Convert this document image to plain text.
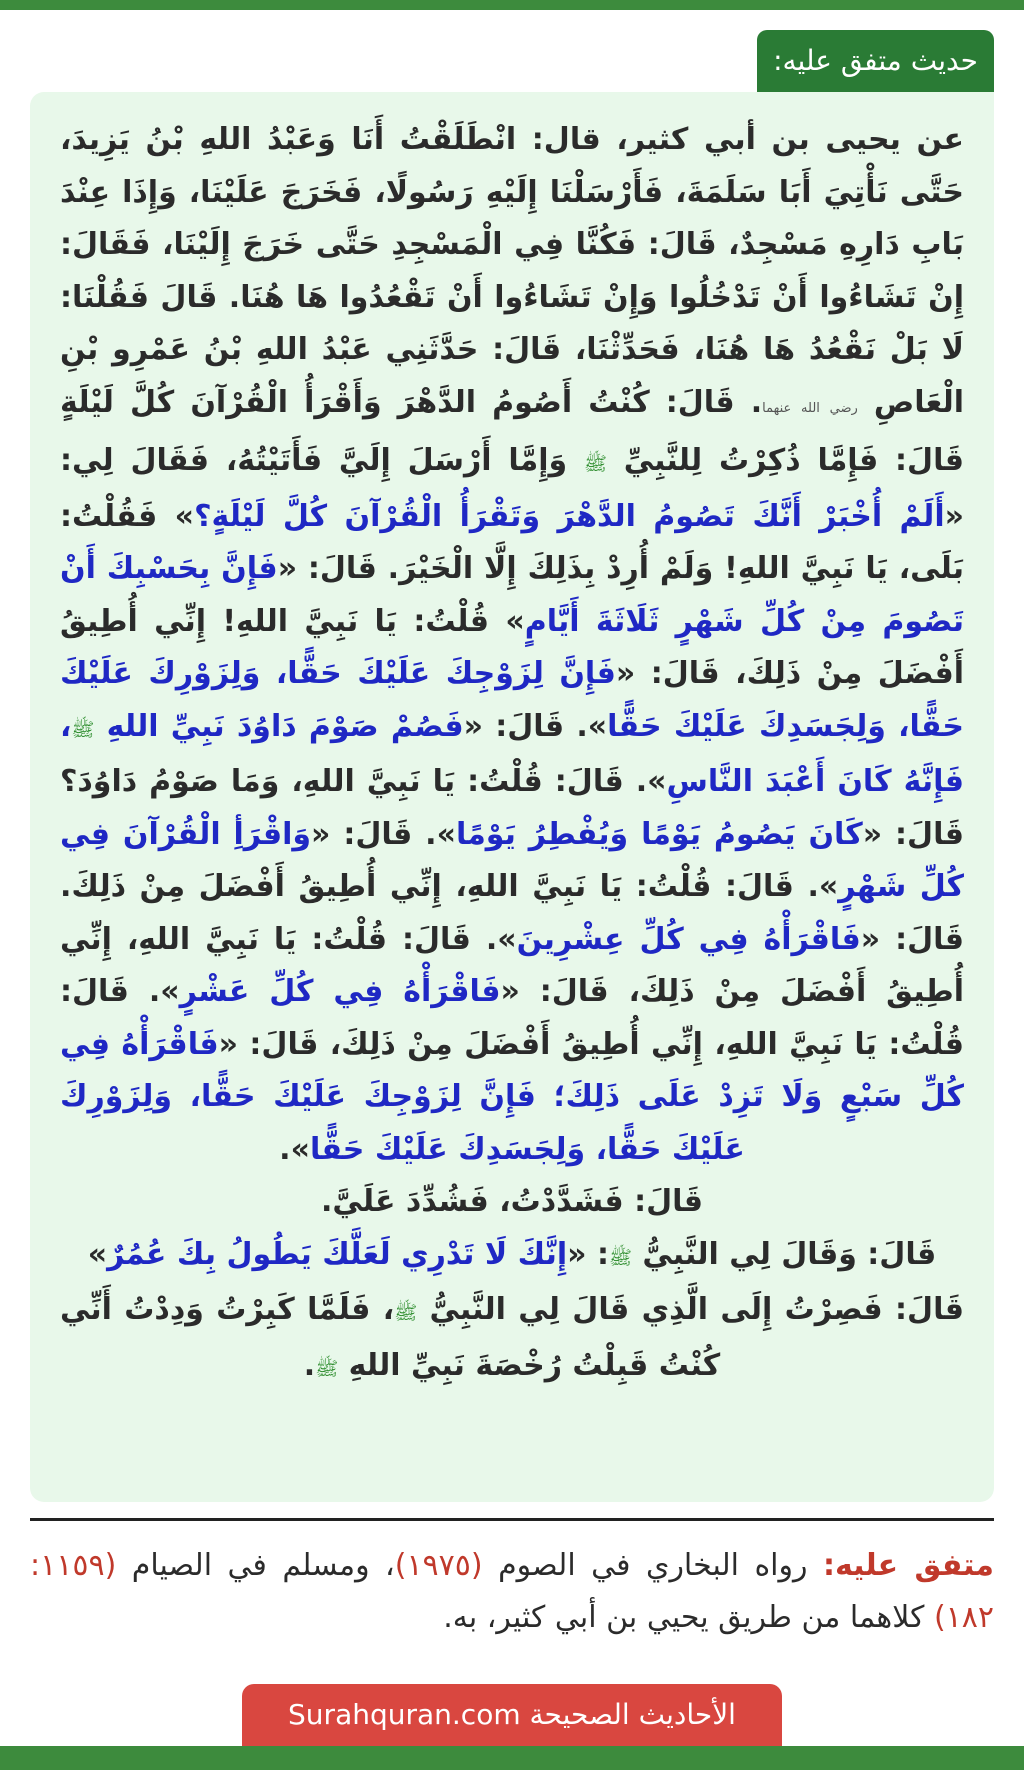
حديث متفق عليه:

عن يحيى بن أبي كثير، قال: انْطَلَقْتُ أَنَا وَعَبْدُ اللهِ بْنُ يَزِيدَ، حَتَّى نَأْتِيَ أَبَا سَلَمَةَ، فَأَرْسَلْنَا إِلَيْهِ رَسُولًا، فَخَرَجَ عَلَيْنَا، وَإِذَا عِنْدَ بَابِ دَارِهِ مَسْجِدٌ، قَالَ: فَكُنَّا فِي الْمَسْجِدِ حَتَّى خَرَجَ إِلَيْنَا، فَقَالَ: إِنْ تَشَاءُوا أَنْ تَدْخُلُوا وَإِنْ تَشَاءُوا أَنْ تَقْعُدُوا هَا هُنَا. قَالَ فَقُلْنَا: لَا بَلْ نَقْعُدُ هَا هُنَا، فَحَدِّثْنَا، قَالَ: حَدَّثَنِي عَبْدُ اللهِ بْنُ عَمْرِو بْنِ الْعَاصِ رضي الله عنهما. قَالَ: كُنْتُ أَصُومُ الدَّهْرَ وَأَقْرَأُ الْقُرْآنَ كُلَّ لَيْلَةٍ قَالَ: فَإِمَّا ذُكِرْتُ لِلنَّبِيِّ ﷺ وَإِمَّا أَرْسَلَ إِلَيَّ فَأَتَيْتُهُ، فَقَالَ لِي: «أَلَمْ أُخْبَرْ أَنَّكَ تَصُومُ الدَّهْرَ وَتَقْرَأُ الْقُرْآنَ كُلَّ لَيْلَةٍ؟» فَقُلْتُ: بَلَى، يَا نَبِيَّ اللهِ! وَلَمْ أُرِدْ بِذَلِكَ إِلَّا الْخَيْرَ. قَالَ: «فَإِنَّ بِحَسْبِكَ أَنْ تَصُومَ مِنْ كُلِّ شَهْرٍ ثَلَاثَةَ أَيَّامٍ» قُلْتُ: يَا نَبِيَّ اللهِ! إِنِّي أُطِيقُ أَفْضَلَ مِنْ ذَلِكَ، قَالَ: «فَإِنَّ لِزَوْجِكَ عَلَيْكَ حَقًّا، وَلِزَوْرِكَ عَلَيْكَ حَقًّا، وَلِجَسَدِكَ عَلَيْكَ حَقًّا». قَالَ: «فَصُمْ صَوْمَ دَاوُدَ نَبِيِّ اللهِ ﷺ، فَإِنَّهُ كَانَ أَعْبَدَ النَّاسِ». قَالَ: قُلْتُ: يَا نَبِيَّ اللهِ، وَمَا صَوْمُ دَاوُدَ؟ قَالَ: «كَانَ يَصُومُ يَوْمًا وَيُفْطِرُ يَوْمًا». قَالَ: «وَاقْرَأِ الْقُرْآنَ فِي كُلِّ شَهْرٍ». قَالَ: قُلْتُ: يَا نَبِيَّ اللهِ، إِنِّي أُطِيقُ أَفْضَلَ مِنْ ذَلِكَ. قَالَ: «فَاقْرَأْهُ فِي كُلِّ عِشْرِينَ». قَالَ: قُلْتُ: يَا نَبِيَّ اللهِ، إِنِّي أُطِيقُ أَفْضَلَ مِنْ ذَلِكَ، قَالَ: «فَاقْرَأْهُ فِي كُلِّ عَشْرٍ». قَالَ: قُلْتُ: يَا نَبِيَّ اللهِ، إِنِّي أُطِيقُ أَفْضَلَ مِنْ ذَلِكَ، قَالَ: «فَاقْرَأْهُ فِي كُلِّ سَبْعٍ وَلَا تَزِدْ عَلَى ذَلِكَ؛ فَإِنَّ لِزَوْجِكَ عَلَيْكَ حَقًّا، وَلِزَوْرِكَ عَلَيْكَ حَقًّا، وَلِجَسَدِكَ عَلَيْكَ حَقًّا».

قَالَ: فَشَدَّدْتُ، فَشُدِّدَ عَلَيَّ.

قَالَ: وَقَالَ لِي النَّبِيُّ ﷺ: «إِنَّكَ لَا تَدْرِي لَعَلَّكَ يَطُولُ بِكَ عُمُرٌ»

قَالَ: فَصِرْتُ إِلَى الَّذِي قَالَ لِي النَّبِيُّ ﷺ، فَلَمَّا كَبِرْتُ وَدِدْتُ أَنِّي كُنْتُ قَبِلْتُ رُخْصَةَ نَبِيِّ اللهِ ﷺ.

متفق عليه: رواه البخاري في الصوم (١٩٧٥)، ومسلم في الصيام (١١٥٩: ١٨٢) كلاهما من طريق يحيي بن أبي كثير، به.
الأحاديث الصحيحة Surahquran.com
